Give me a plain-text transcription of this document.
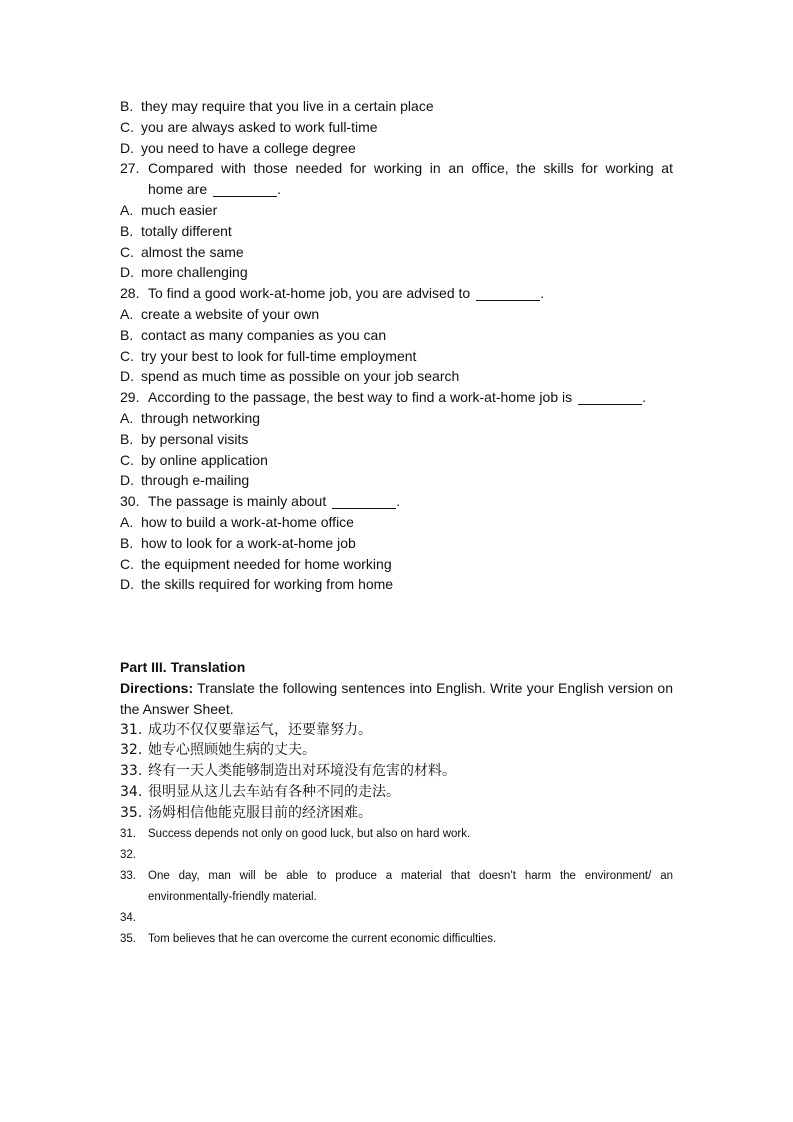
B. they may require that you live in a certain place
C. you are always asked to work full-time
D. you need to have a college degree
27. Compared with those needed for working in an office, the skills for working at
home are	.
A. much easier
B. totally different
C. almost the same
D. more challenging
28. To find a good work-at-home job, you are advised to	.
A. create a website of your own
B. contact as many companies as you can
C. try your best to look for full-time employment
D. spend as much time as possible on your job search
29. According to the passage, the best way to find a work-at-home job is	.
A. through networking
B. by personal visits
C. by online application
D. through e-mailing
30. The passage is mainly about	.
A. how to build a work-at-home office
B. how to look for a work-at-home job
C. the equipment needed for home working
D. the skills required for working from home
Part III. Translation
Directions: Translate the following sentences into English. Write your English version on the Answer Sheet.
31. 成功不仅仅要靠运气，还要靠努力。
32. 她专心照顾她生病的丈夫。
33. 终有一天人类能够制造出对环境没有危害的材料。
34. 很明显从这儿去车站有各种不同的走法。
35. 汤姆相信他能克服目前的经济困难。
31.	Success depends not only on good luck, but also on hard work.
32.
33.	One day, man will be able to produce a material that doesn’t harm the environment/ an environmentally-friendly material.
34.
35.	Tom believes that he can overcome the current economic difficulties.
